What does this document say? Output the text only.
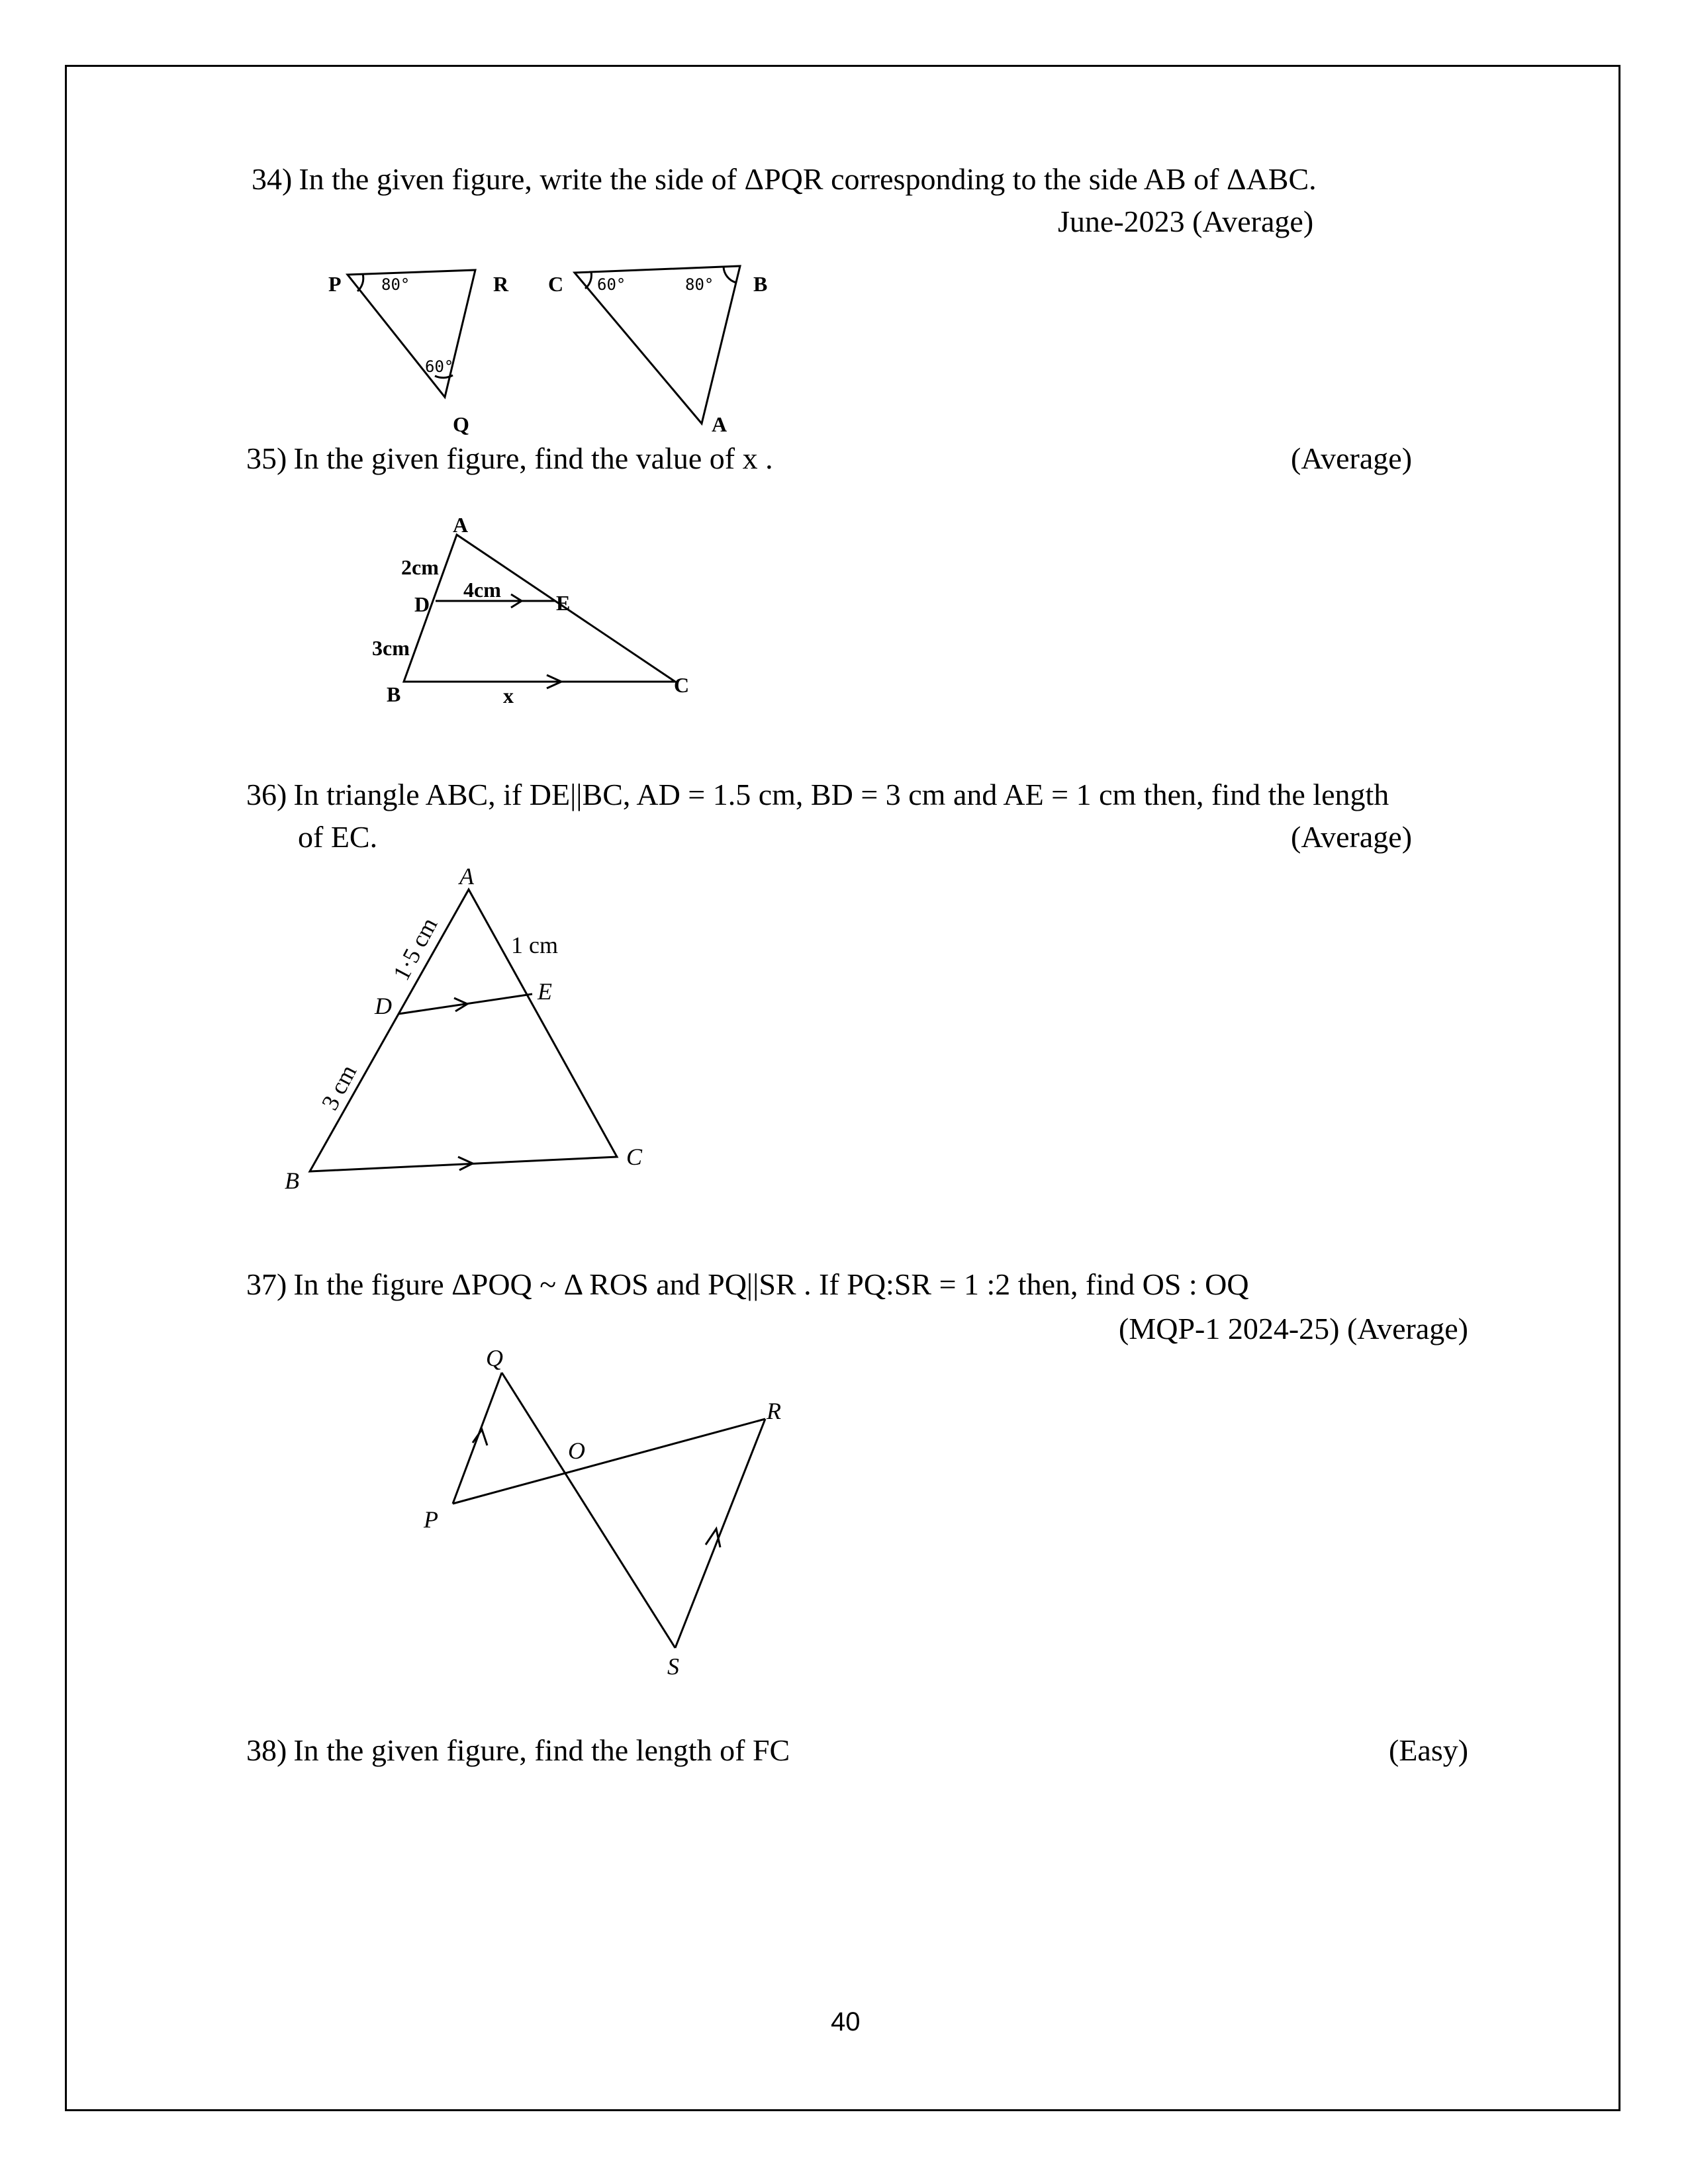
34) In the given figure, write the side of ΔPQR corresponding to the side AB of ΔABC.
June-2023 (Average)
35) In the given figure, find the value of x .	(Average)
36) In triangle ABC, if DE||BC, AD = 1.5 cm, BD = 3 cm and AE = 1 cm then, find the length
of EC.	(Average)
37) In the figure ΔPOQ ~ Δ ROS and PQ||SR . If PQ:SR = 1 :2 then, find OS : OQ
(MQP-1 2024-25) (Average)
38) In the given figure, find the length of FC	(Easy)
40
P	R
Q
80°
60°
C	B
A
60°	80°
A
D	E
B	C
2cm
4cm
3cm
x
A
D
E
B
C
1 cm
1·5 cm
3 cm
Q
P
O
R
S
